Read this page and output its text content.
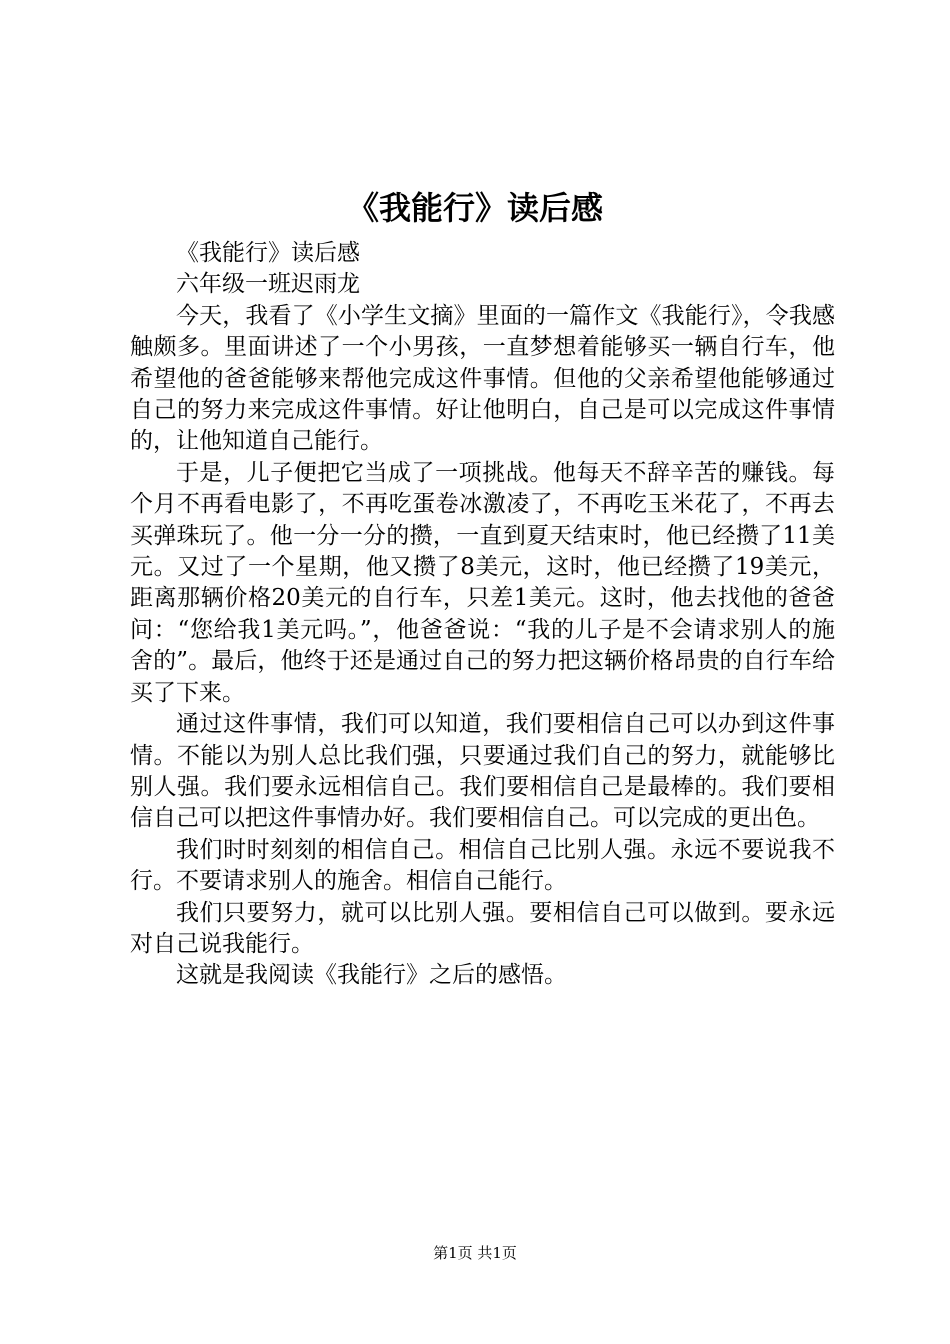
《我能行》读后感

《我能行》读后感

六年级一班迟雨龙

今天，我看了《小学生文摘》里面的一篇作文《我能行》，令我感触颇多。里面讲述了一个小男孩，一直梦想着能够买一辆自行车，他希望他的爸爸能够来帮他完成这件事情。但他的父亲希望他能够通过自己的努力来完成这件事情。好让他明白，自己是可以完成这件事情的，让他知道自己能行。

于是，儿子便把它当成了一项挑战。他每天不辞辛苦的赚钱。每个月不再看电影了，不再吃蛋卷冰激凌了，不再吃玉米花了，不再去买弹珠玩了。他一分一分的攒，一直到夏天结束时，他已经攒了11美元。又过了一个星期，他又攒了8美元，这时，他已经攒了19美元，距离那辆价格20美元的自行车，只差1美元。这时，他去找他的爸爸问：“您给我1美元吗。”，他爸爸说：“我的儿子是不会请求别人的施舍的”。最后，他终于还是通过自己的努力把这辆价格昂贵的自行车给买了下来。

通过这件事情，我们可以知道，我们要相信自己可以办到这件事情。不能以为别人总比我们强，只要通过我们自己的努力，就能够比别人强。我们要永远相信自己。我们要相信自己是最棒的。我们要相信自己可以把这件事情办好。我们要相信自己。可以完成的更出色。

我们时时刻刻的相信自己。相信自己比别人强。永远不要说我不行。不要请求别人的施舍。相信自己能行。

我们只要努力，就可以比别人强。要相信自己可以做到。要永远对自己说我能行。

这就是我阅读《我能行》之后的感悟。

第1页 共1页
